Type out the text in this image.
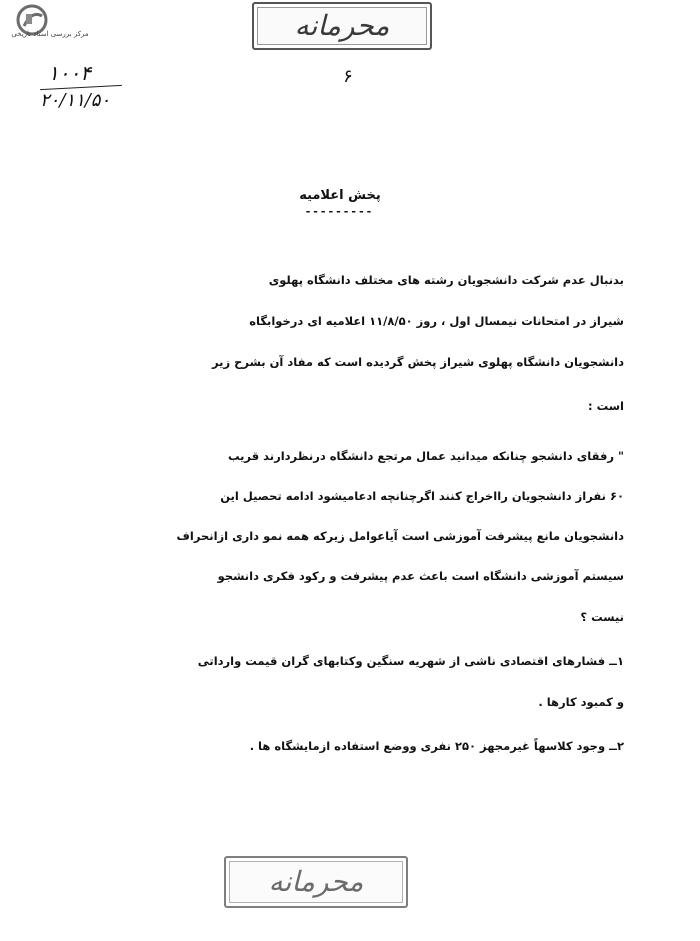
مرکز بررسی اسناد تاریخی	محرمانه
۱۰۰۴
۲۰/۱۱/۵۰
۶
پخش اعلامیه
---------
بدنبال عدم شرکت دانشجویان رشته های مختلف دانشگاه پهلوی
شیراز در امتحانات نیمسال اول ، روز ۱۱/۸/۵۰ اعلامیه ای درخوابگاه
دانشجویان دانشگاه پهلوی شیراز پخش گردیده است که مفاد آن بشرح زیر
است :
" رفقای دانشجو چنانکه میدانید عمال مرتجع دانشگاه درنظردارند قریب
۶۰ نفراز دانشجویان رااخراج کنند اگرچنانچه ادعامیشود ادامه تحصیل این
دانشجویان مانع پیشرفت آموزشی است آیاعوامل زیرکه همه نمو داری ازانحراف
سیستم آموزشی دانشگاه است باعث عدم پیشرفت و رکود فکری دانشجو
نیست ؟
۱ــ فشارهای اقتصادی ناشی از شهریه سنگین وکتابهای گران قیمت وارداتی
و کمبود کارها .
۲ــ وجود کلاسهاً غیرمجهز ۲۵۰ نفری ووضع استفاده ازمایشگاه ها .
محرمانه
